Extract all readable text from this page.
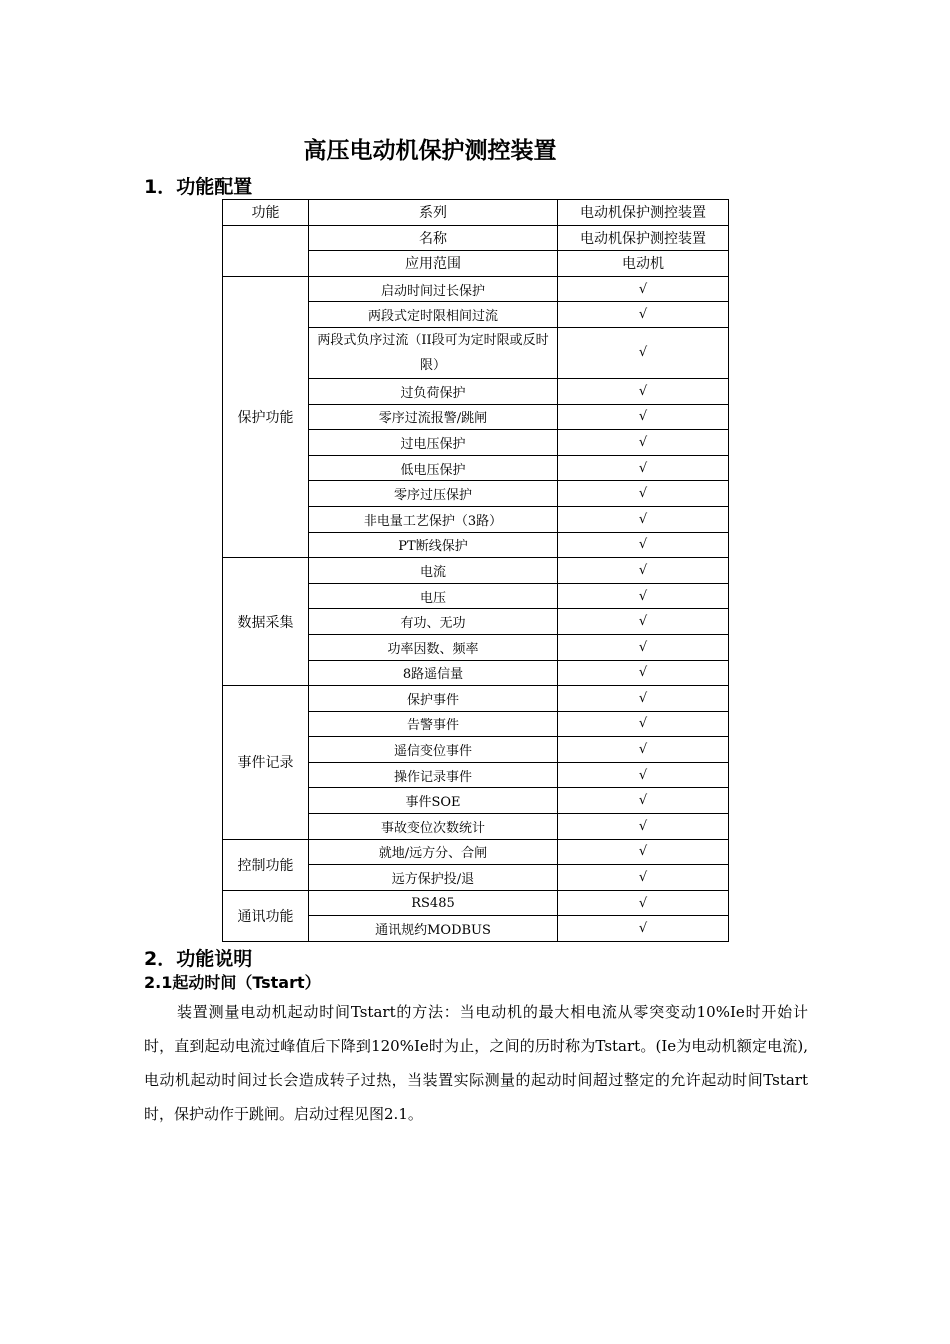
高压电动机保护测控装置
1．功能配置
功能	系列	电动机保护测控装置
	名称	电动机保护测控装置
	应用范围	电动机
保护功能	启动时间过长保护	√
	两段式定时限相间过流	√
	两段式负序过流（II段可为定时限或反时限）	√
	过负荷保护	√
	零序过流报警/跳闸	√
	过电压保护	√
	低电压保护	√
	零序过压保护	√
	非电量工艺保护（3路）	√
	PT断线保护	√
数据采集	电流	√
	电压	√
	有功、无功	√
	功率因数、频率	√
	8路遥信量	√
事件记录	保护事件	√
	告警事件	√
	遥信变位事件	√
	操作记录事件	√
	事件SOE	√
	事故变位次数统计	√
控制功能	就地/远方分、合闸	√
	远方保护投/退	√
通讯功能	RS485	√
	通讯规约MODBUS	√
2．功能说明
2.1起动时间（Tstart）
装置测量电动机起动时间Tstart的方法：当电动机的最大相电流从零突变动10%Ie时开始计时，直到起动电流过峰值后下降到120%Ie时为止，之间的历时称为Tstart。(Ie为电动机额定电流),电动机起动时间过长会造成转子过热，当装置实际测量的起动时间超过整定的允许起动时间Tstart时，保护动作于跳闸。启动过程见图2.1。
